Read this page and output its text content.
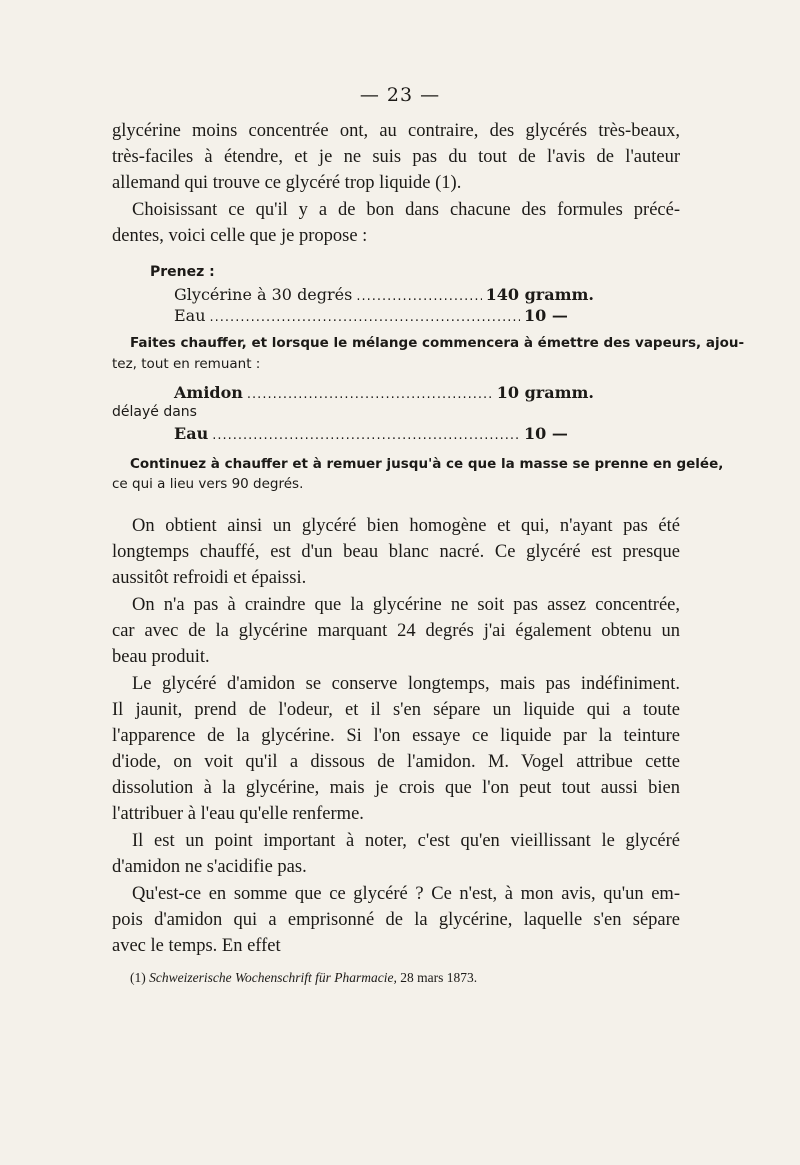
— 23 —
glycérine moins concentrée ont, au contraire, des glycérés très-beaux,
très-faciles à étendre, et je ne suis pas du tout de l'avis de l'auteur
allemand qui trouve ce glycéré trop liquide (1).
Choisissant ce qu'il y a de bon dans chacune des formules précé-
dentes, voici celle que je propose :
Prenez :
Glycérine à 30 degrés .....	140 gramm.
Eau .....	10 —
Faites chauffer, et lorsque le mélange commencera à émettre des vapeurs, ajou-
tez, tout en remuant :
Amidon .....	10 gramm.
délayé dans
Eau .....	10 —
Continuez à chauffer et à remuer jusqu'à ce que la masse se prenne en gelée,
ce qui a lieu vers 90 degrés.
On obtient ainsi un glycéré bien homogène et qui, n'ayant pas été
longtemps chauffé, est d'un beau blanc nacré. Ce glycéré est presque
aussitôt refroidi et épaissi.
On n'a pas à craindre que la glycérine ne soit pas assez concentrée,
car avec de la glycérine marquant 24 degrés j'ai également obtenu un
beau produit.
Le glycéré d'amidon se conserve longtemps, mais pas indéfiniment.
Il jaunit, prend de l'odeur, et il s'en sépare un liquide qui a toute
l'apparence de la glycérine. Si l'on essaye ce liquide par la teinture
d'iode, on voit qu'il a dissous de l'amidon. M. Vogel attribue cette
dissolution à la glycérine, mais je crois que l'on peut tout aussi bien
l'attribuer à l'eau qu'elle renferme.
Il est un point important à noter, c'est qu'en vieillissant le glycéré
d'amidon ne s'acidifie pas.
Qu'est-ce en somme que ce glycéré ? Ce n'est, à mon avis, qu'un em-
pois d'amidon qui a emprisonné de la glycérine, laquelle s'en sépare
avec le temps. En effet
(1) Schweizerische Wochenschrift für Pharmacie, 28 mars 1873.
